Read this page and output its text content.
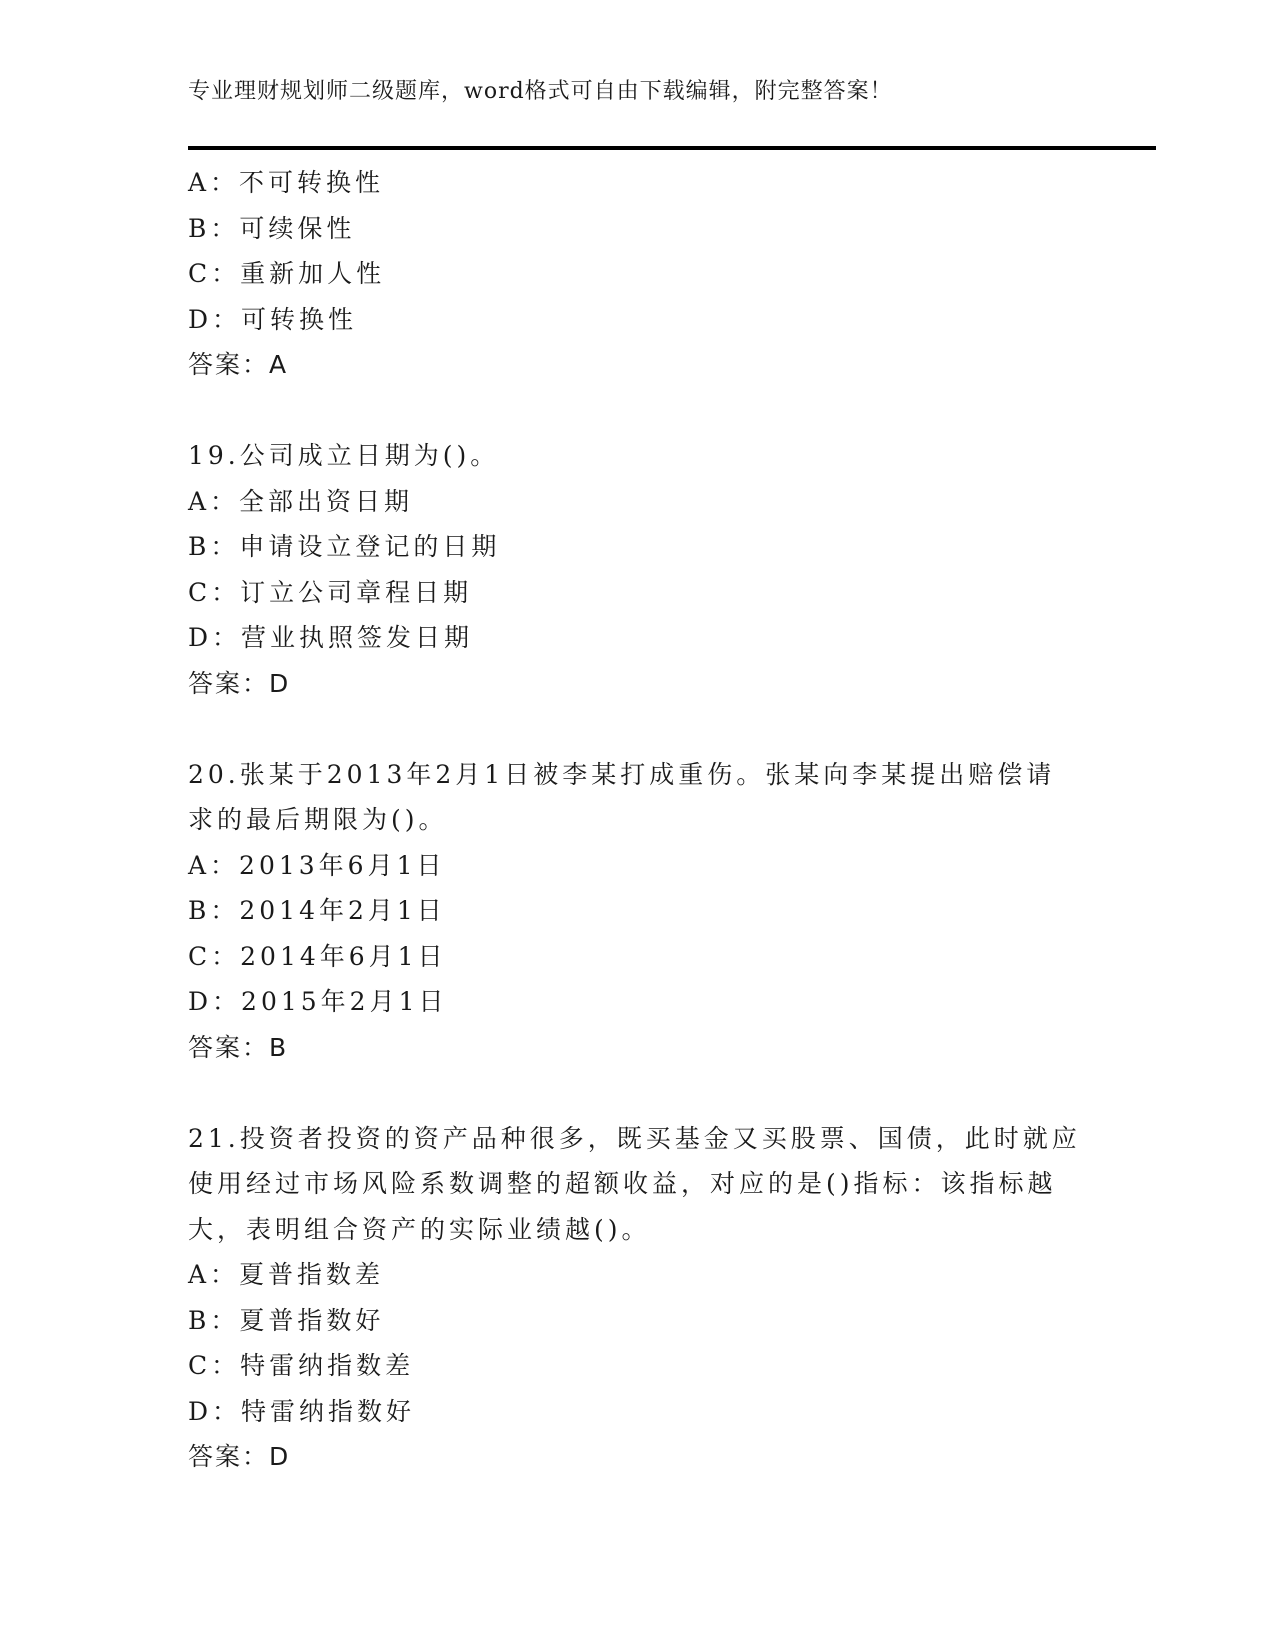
专业理财规划师二级题库，word格式可自由下载编辑，附完整答案！
A：不可转换性
B：可续保性
C：重新加人性
D：可转换性
答案：A
19.公司成立日期为()。
A：全部出资日期
B：申请设立登记的日期
C：订立公司章程日期
D：营业执照签发日期
答案：D
20.张某于2013年2月1日被李某打成重伤。张某向李某提出赔偿请
求的最后期限为()。
A：2013年6月1日
B：2014年2月1日
C：2014年6月1日
D：2015年2月1日
答案：B
21.投资者投资的资产品种很多，既买基金又买股票、国债，此时就应
使用经过市场风险系数调整的超额收益，对应的是()指标：该指标越
大，表明组合资产的实际业绩越()。
A：夏普指数差
B：夏普指数好
C：特雷纳指数差
D：特雷纳指数好
答案：D
